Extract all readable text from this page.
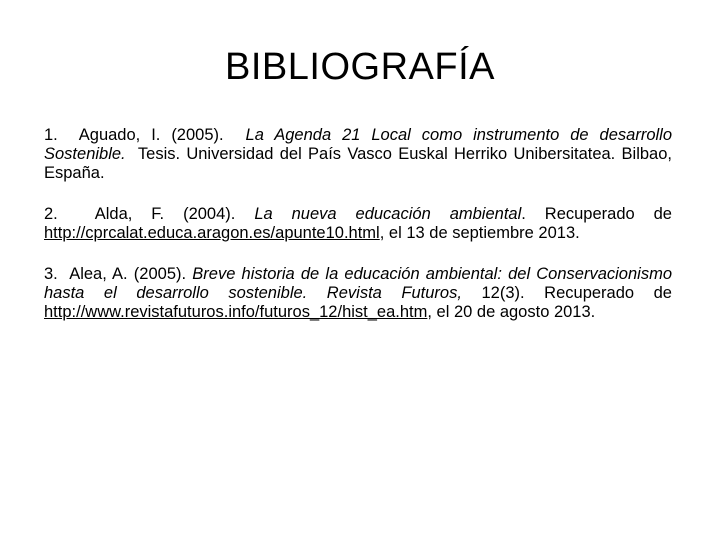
BIBLIOGRAFÍA

1. Aguado, I. (2005). La Agenda 21 Local como instrumento de desarrollo Sostenible. Tesis. Universidad del País Vasco Euskal Herriko Unibersitatea. Bilbao, España.

2. Alda, F. (2004). La nueva educación ambiental. Recuperado de http://cprcalat.educa.aragon.es/apunte10.html, el 13 de septiembre 2013.

3. Alea, A. (2005). Breve historia de la educación ambiental: del Conservacionismo hasta el desarrollo sostenible. Revista Futuros, 12(3). Recuperado de http://www.revistafuturos.info/futuros_12/hist_ea.htm, el 20 de agosto 2013.
